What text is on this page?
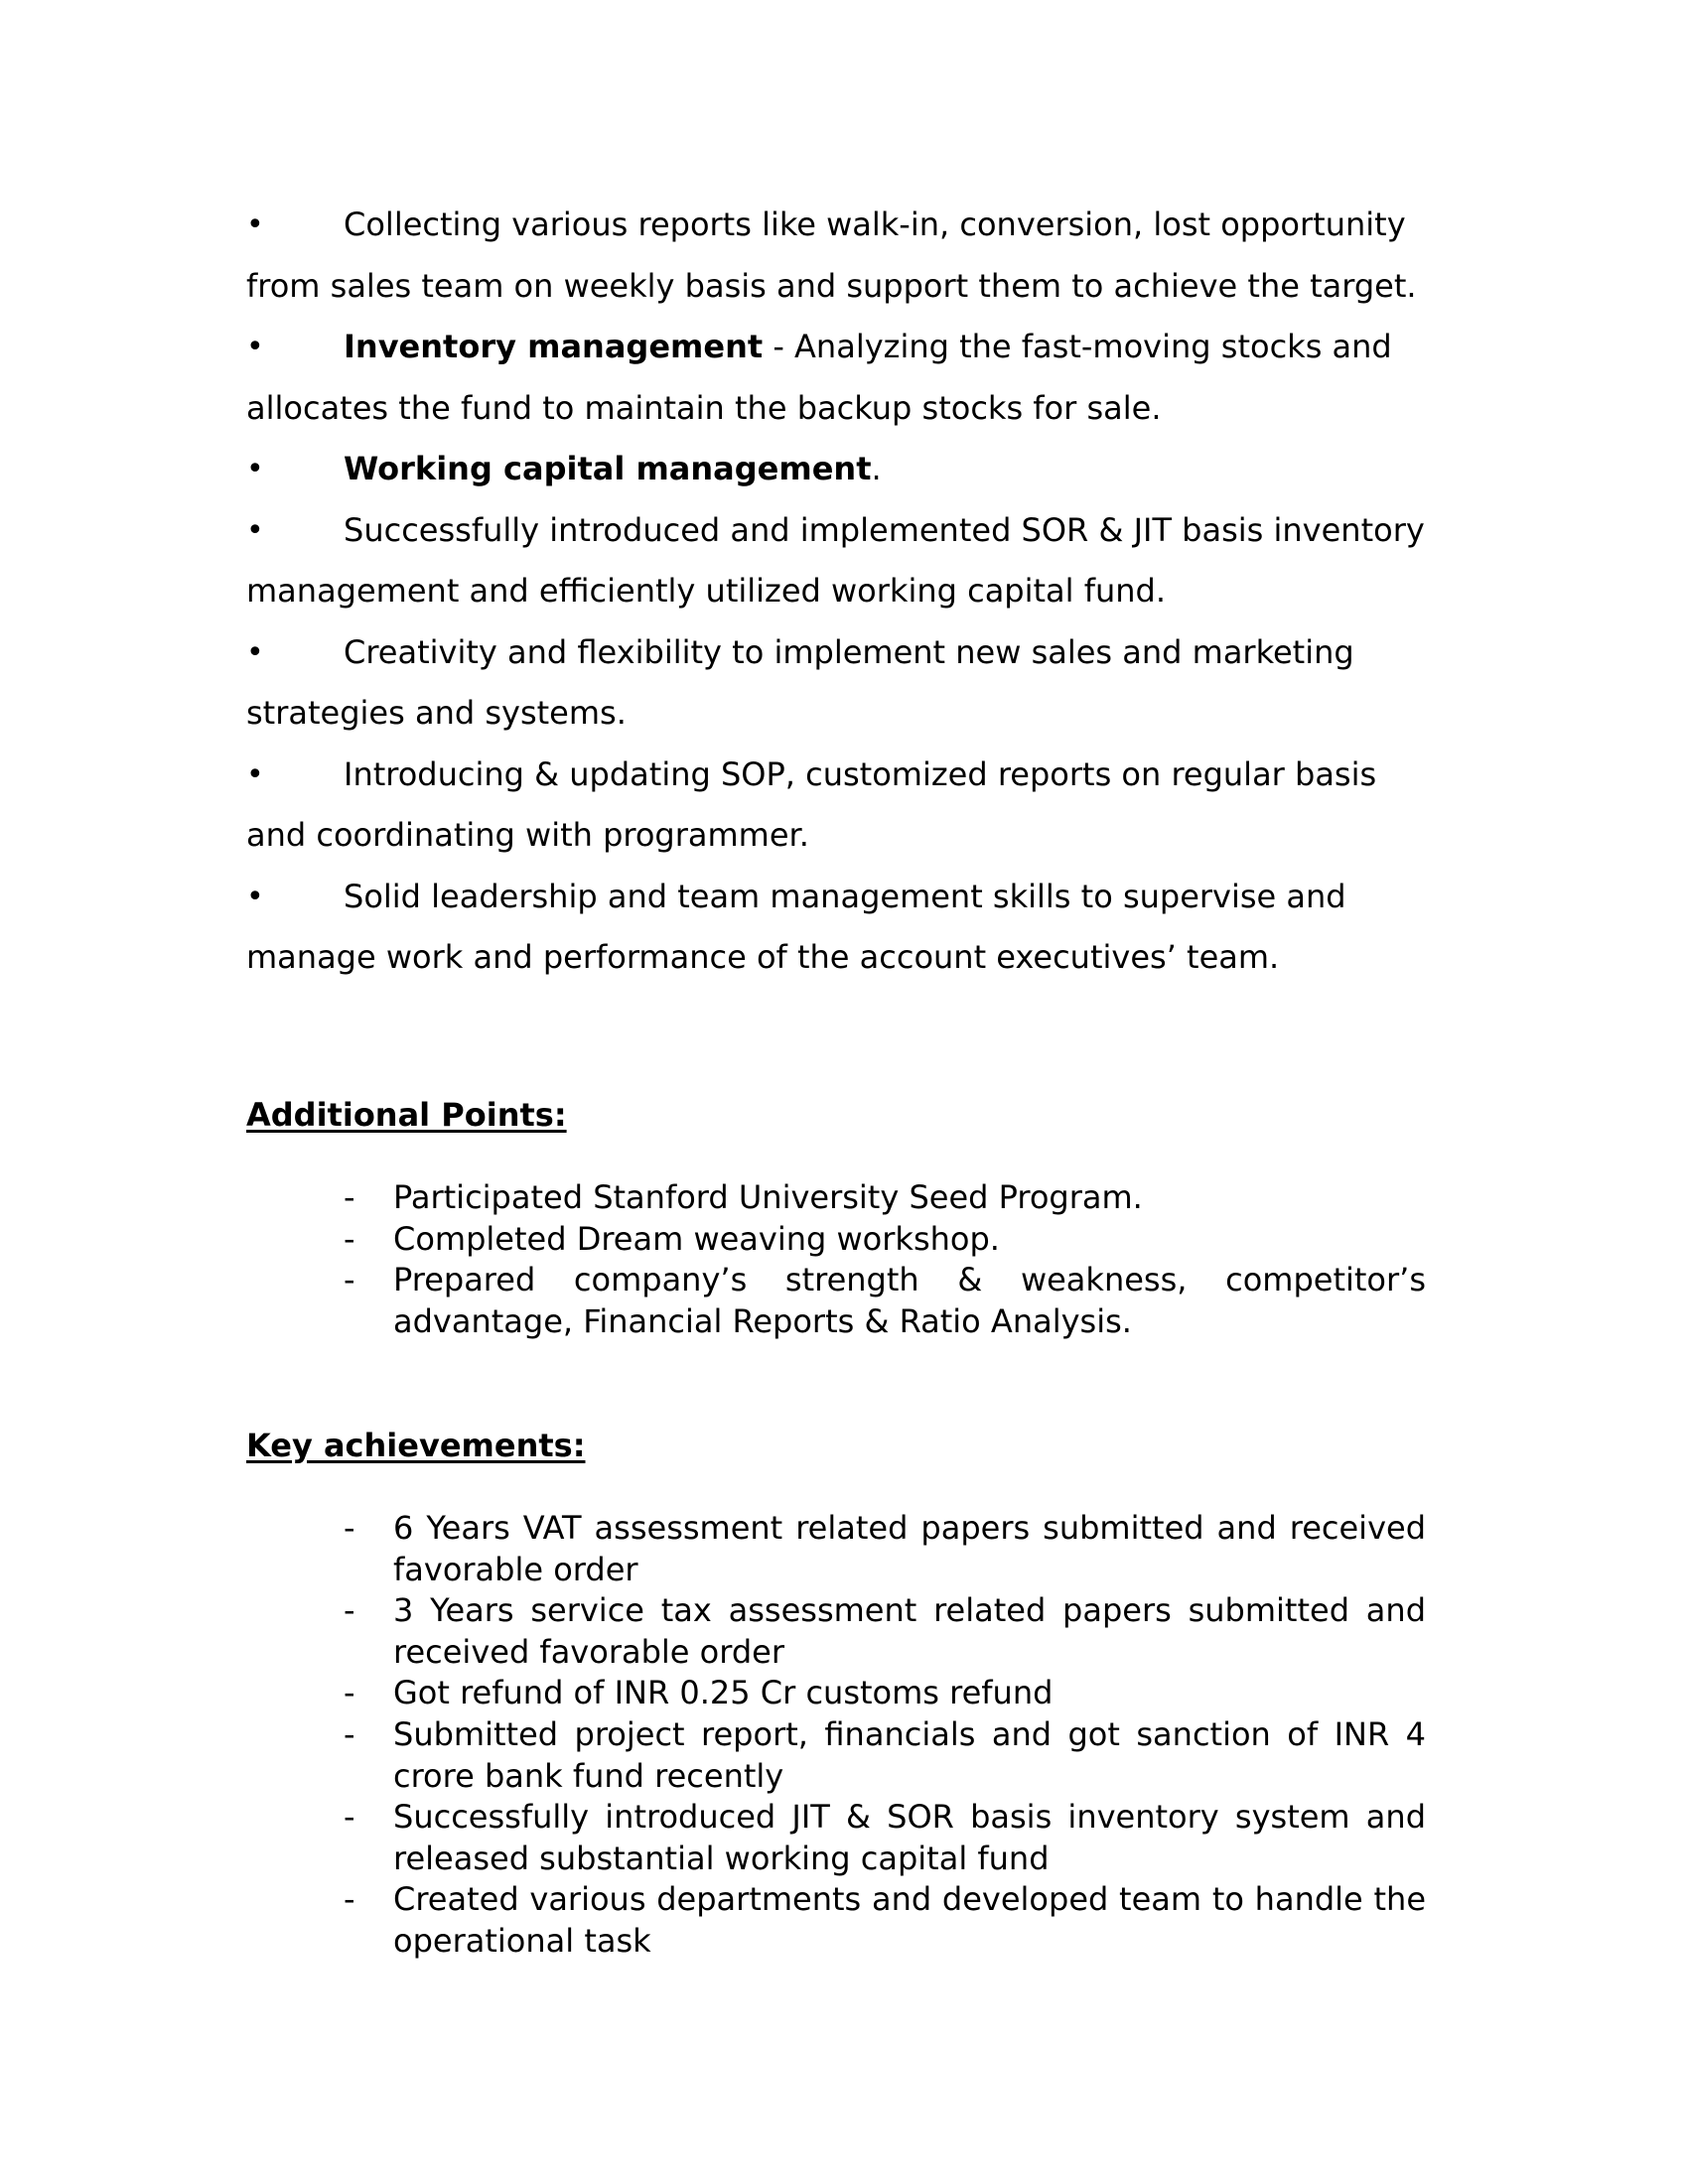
•	Collecting various reports like walk-in, conversion, lost opportunity from sales team on weekly basis and support them to achieve the target.
•	Inventory management - Analyzing the fast-moving stocks and allocates the fund to maintain the backup stocks for sale.
•	Working capital management.
•	Successfully introduced and implemented SOR & JIT basis inventory management and efficiently utilized working capital fund.
•	Creativity and flexibility to implement new sales and marketing strategies and systems.
•	Introducing & updating SOP, customized reports on regular basis and coordinating with programmer.
•	Solid leadership and team management skills to supervise and manage work and performance of the account executives’ team.
Additional Points:
- Participated Stanford University Seed Program.
- Completed Dream weaving workshop.
- Prepared company’s strength & weakness, competitor’s advantage, Financial Reports & Ratio Analysis.
Key achievements:
- 6 Years VAT assessment related papers submitted and received favorable order
- 3 Years service tax assessment related papers submitted and received favorable order
- Got refund of INR 0.25 Cr customs refund
- Submitted project report, financials and got sanction of INR 4 crore bank fund recently
- Successfully introduced JIT & SOR basis inventory system and released substantial working capital fund
- Created various departments and developed team to handle the operational task
